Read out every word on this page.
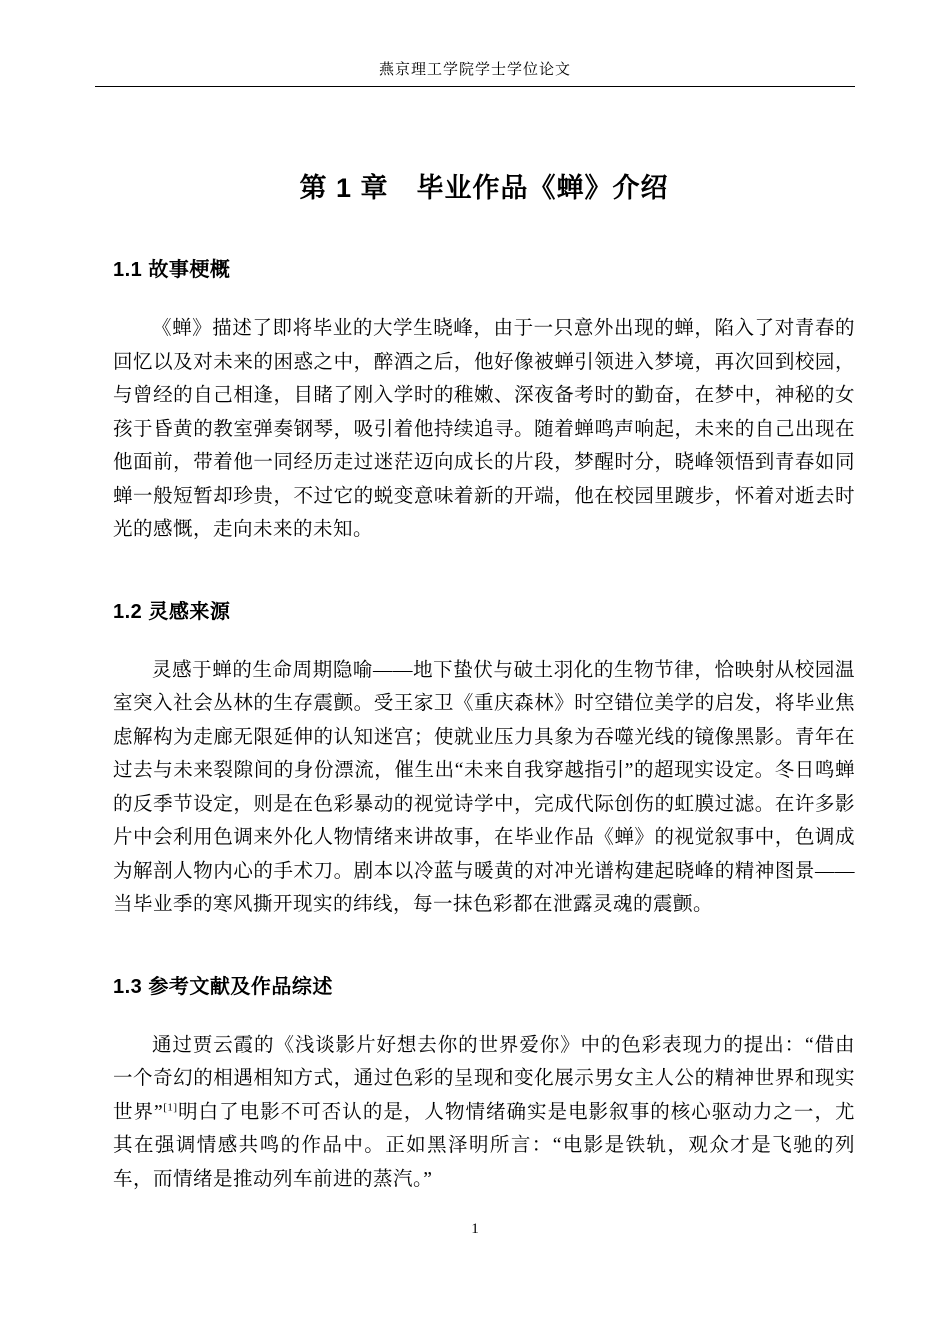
燕京理工学院学士学位论文
第 1 章　毕业作品《蝉》介绍
1.1 故事梗概

《蝉》描述了即将毕业的大学生晓峰，由于一只意外出现的蝉，陷入了对青春的回忆以及对未来的困惑之中，醉酒之后，他好像被蝉引领进入梦境，再次回到校园，与曾经的自己相逢，目睹了刚入学时的稚嫩、深夜备考时的勤奋，在梦中，神秘的女孩于昏黄的教室弹奏钢琴，吸引着他持续追寻。随着蝉鸣声响起，未来的自己出现在他面前，带着他一同经历走过迷茫迈向成长的片段，梦醒时分，晓峰领悟到青春如同蝉一般短暂却珍贵，不过它的蜕变意味着新的开端，他在校园里踱步，怀着对逝去时光的感慨，走向未来的未知。

1.2 灵感来源

灵感于蝉的生命周期隐喻——地下蛰伏与破土羽化的生物节律，恰映射从校园温室突入社会丛林的生存震颤。受王家卫《重庆森林》时空错位美学的启发，将毕业焦虑解构为走廊无限延伸的认知迷宫；使就业压力具象为吞噬光线的镜像黑影。青年在过去与未来裂隙间的身份漂流，催生出“未来自我穿越指引”的超现实设定。冬日鸣蝉的反季节设定，则是在色彩暴动的视觉诗学中，完成代际创伤的虹膜过滤。在许多影片中会利用色调来外化人物情绪来讲故事，在毕业作品《蝉》的视觉叙事中，色调成为解剖人物内心的手术刀。剧本以冷蓝与暖黄的对冲光谱构建起晓峰的精神图景——当毕业季的寒风撕开现实的纬线，每一抹色彩都在泄露灵魂的震颤。

1.3 参考文献及作品综述

通过贾云霞的《浅谈影片好想去你的世界爱你》中的色彩表现力的提出：“借由一个奇幻的相遇相知方式，通过色彩的呈现和变化展示男女主人公的精神世界和现实世界”[1]明白了电影不可否认的是，人物情绪确实是电影叙事的核心驱动力之一，尤其在强调情感共鸣的作品中。正如黑泽明所言：“电影是铁轨，观众才是飞驰的列车，而情绪是推动列车前进的蒸汽。”

1
